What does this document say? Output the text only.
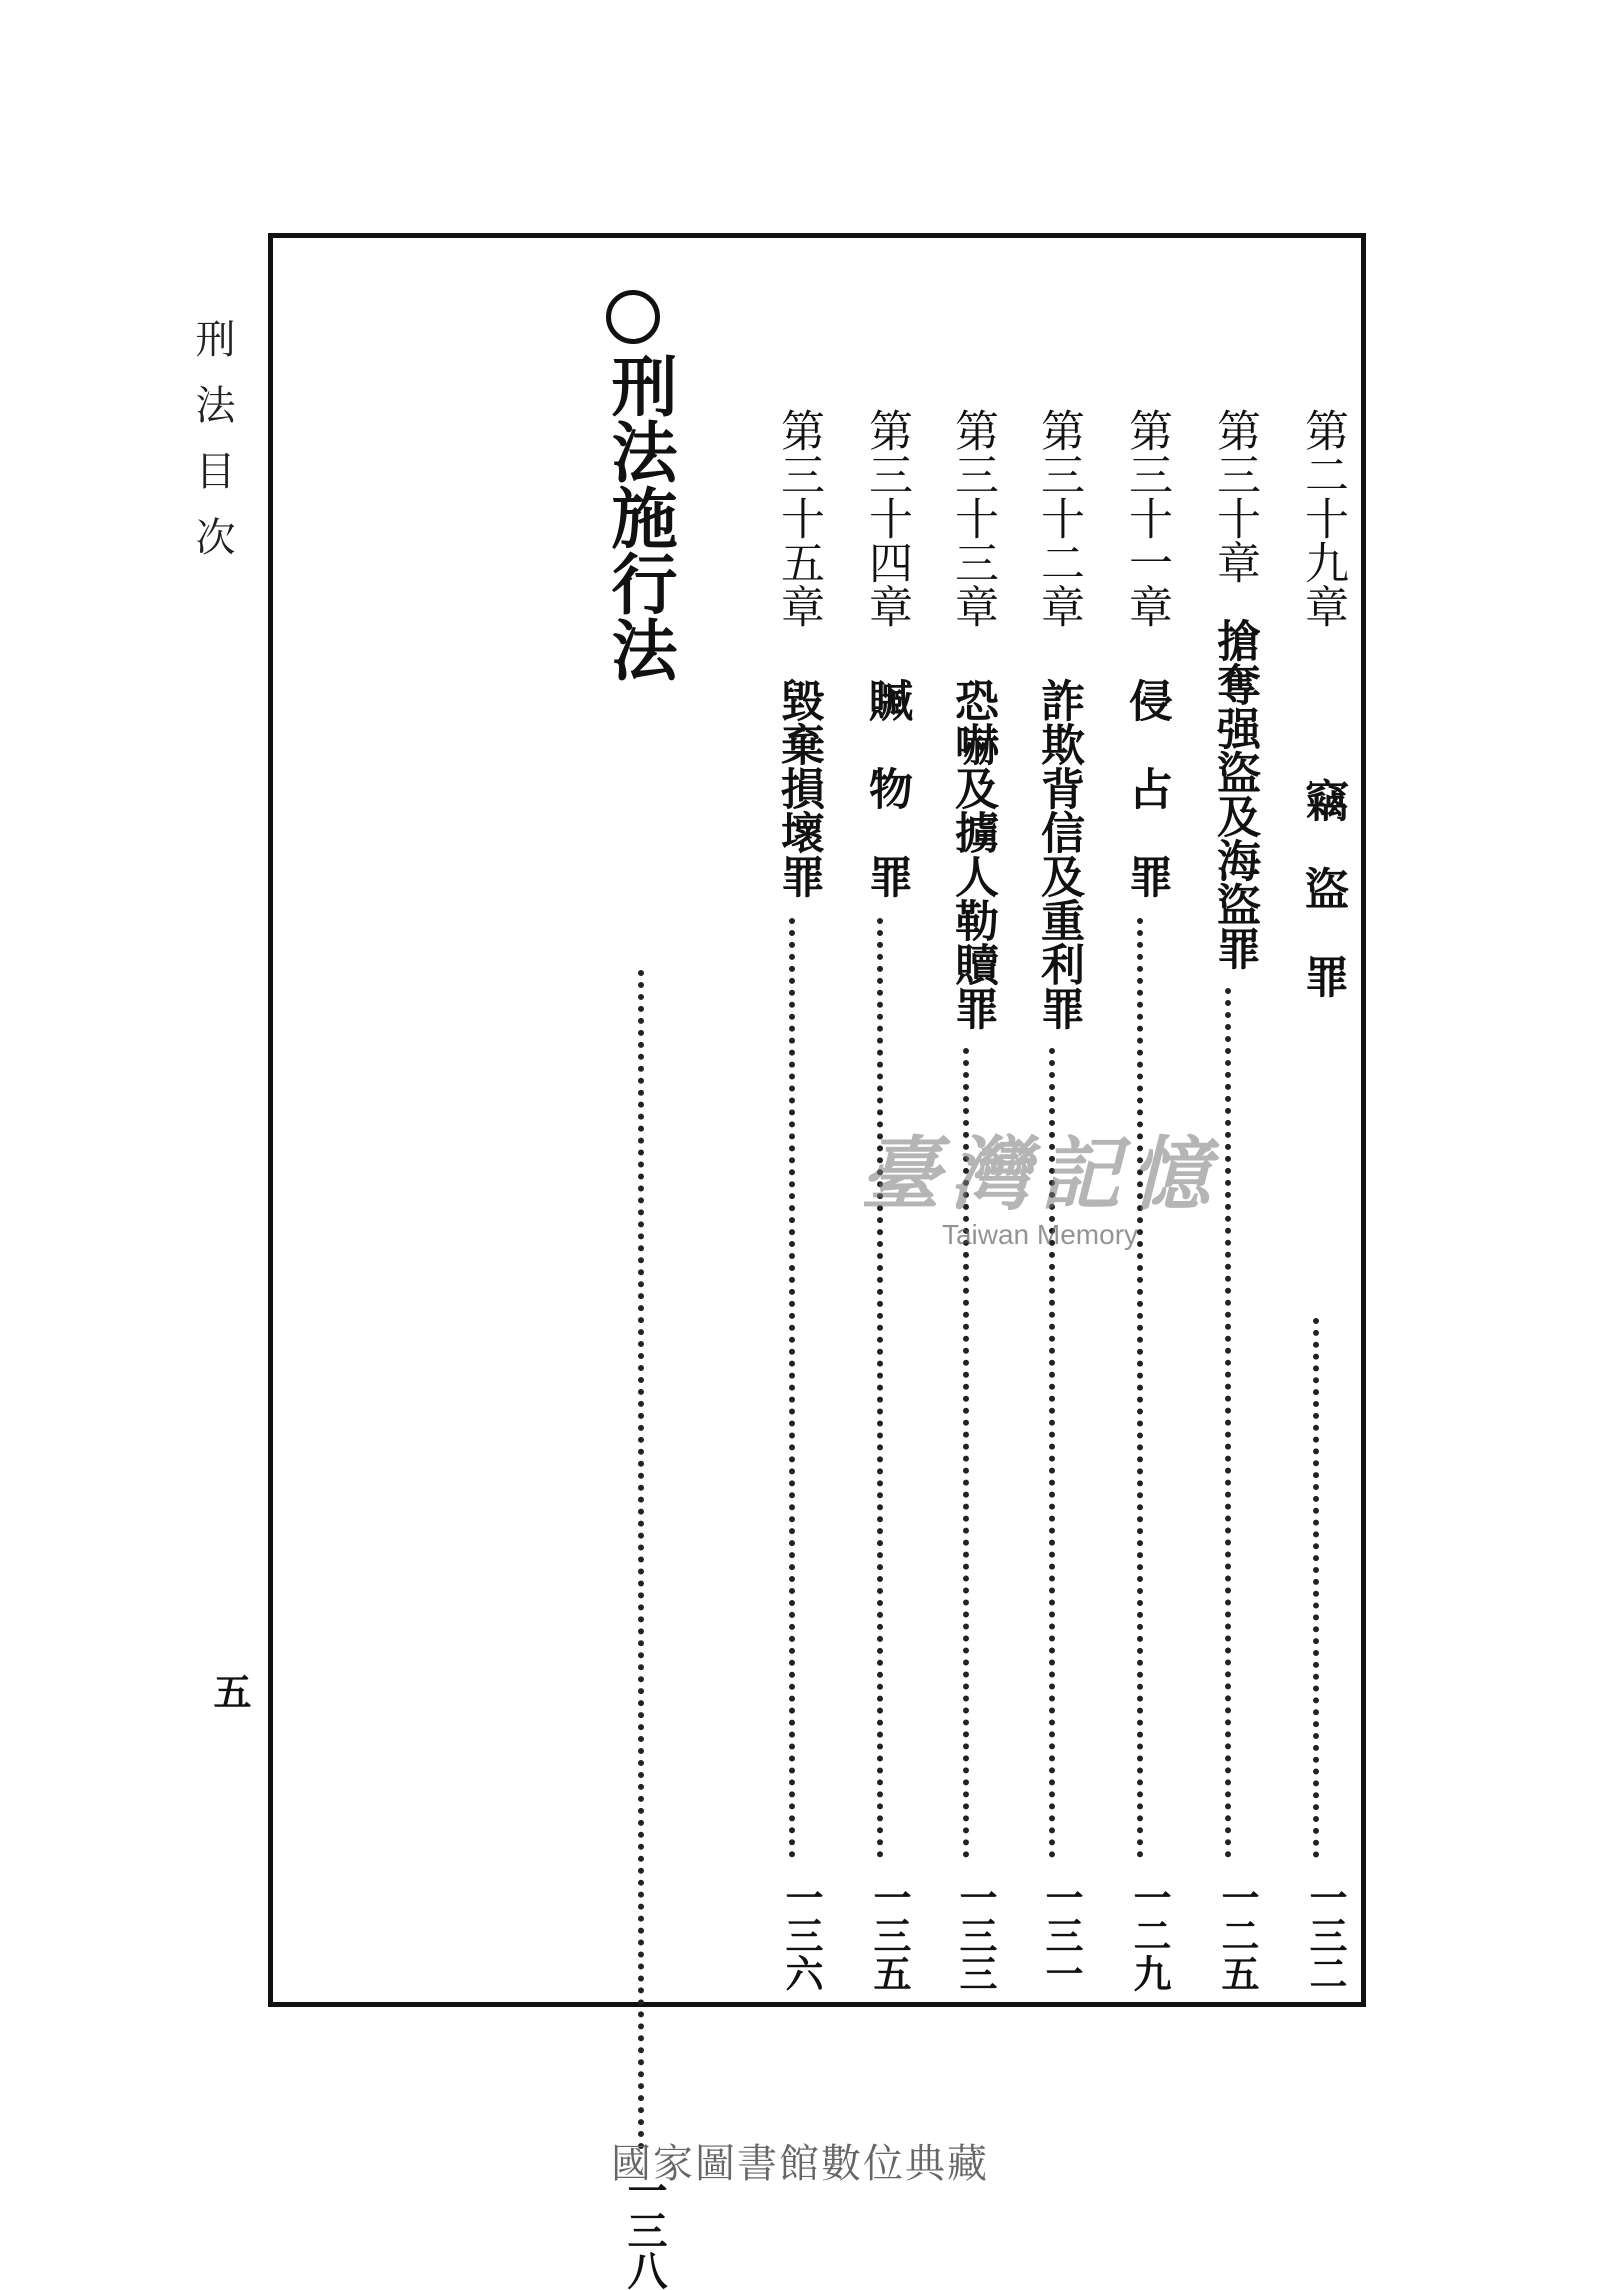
刑法目次
五
第二十九章
竊　盜　罪
一三二
第三十章
搶奪强盜及海盜罪
一二五
第三十一章
侵　占　罪
一二九
第三十二章
詐欺背信及重利罪
一三一
第三十三章
恐嚇及擄人勒贖罪
一三三
第三十四章
贓　物　罪
一三五
第三十五章
毀棄損壞罪
一三六
刑法施行法
一三八
臺灣記憶
Taiwan Memory
國家圖書館數位典藏
